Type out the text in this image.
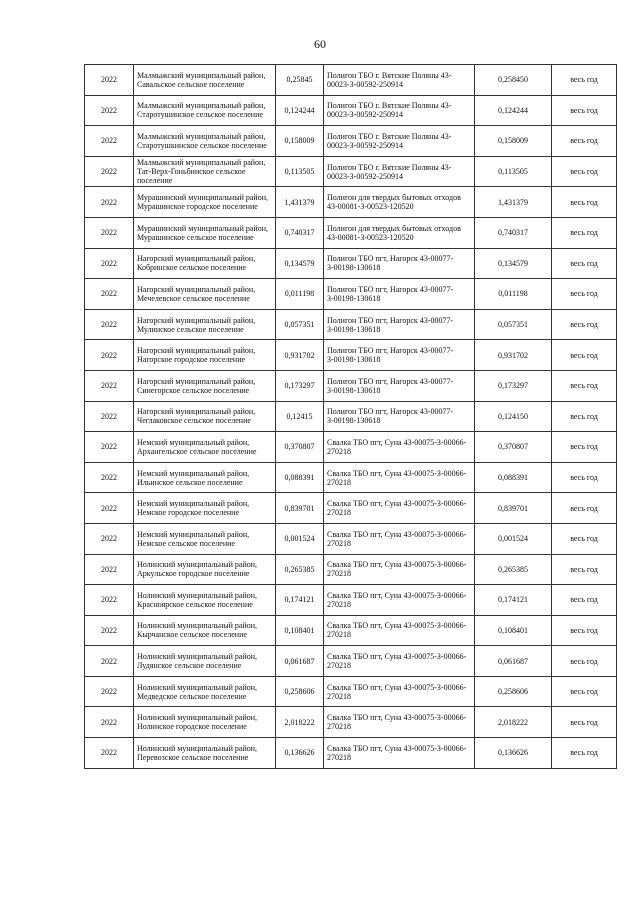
60
2022	Малмыжский муниципальный район, Савальское сельское поселение	0,25845	Полигон ТБО г. Вятские Поляны 43-00023-З-00592-250914	0,258450	весь год
2022	Малмыжский муниципальный район, Старотушинское сельское поселение	0,124244	Полигон ТБО г. Вятские Поляны 43-00023-З-00592-250914	0,124244	весь год
2022	Малмыжский муниципальный район, Старотушкинское сельское поселение	0,158009	Полигон ТБО г. Вятские Поляны 43-00023-З-00592-250914	0,158009	весь год
2022	Малмыжский муниципальный район, Тат-Верх-Гоньбинское сельское поселение	0,113505	Полигон ТБО г. Вятские Поляны 43-00023-З-00592-250914	0,113505	весь год
2022	Мурашинский муниципальный район, Мурашинское городское поселение	1,431379	Полигон для твердых бытовых отходов 43-00081-З-00523-120520	1,431379	весь год
2022	Мурашинский муниципальный район, Мурашинское сельское поселение	0,740317	Полигон для твердых бытовых отходов 43-00081-З-00523-120520	0,740317	весь год
2022	Нагорский муниципальный район, Кобринское сельское поселение	0,134579	Полигон ТБО пгт, Нагорск 43-00077-З-00198-130618	0,134579	весь год
2022	Нагорский муниципальный район, Мечелевское сельское поселение	0,011198	Полигон ТБО пгт, Нагорск 43-00077-З-00198-130618	0,011198	весь год
2022	Нагорский муниципальный район, Мулинское сельское поселение	0,057351	Полигон ТБО пгт, Нагорск 43-00077-З-00198-130618	0,057351	весь год
2022	Нагорский муниципальный район, Нагорское городское поселение	0,931702	Полигон ТБО пгт, Нагорск 43-00077-З-00198-130618	0,931702	весь год
2022	Нагорский муниципальный район, Синегорское сельское поселение	0,173297	Полигон ТБО пгт, Нагорск 43-00077-З-00198-130618	0,173297	весь год
2022	Нагорский муниципальный район, Чеглаковское сельское поселение	0,12415	Полигон ТБО пгт, Нагорск 43-00077-З-00198-130618	0,124150	весь год
2022	Немский муниципальный район, Архангельское сельское поселение	0,370807	Свалка ТБО пгт, Суна 43-00075-З-00066-270218	0,370807	весь год
2022	Немский муниципальный район, Ильинское сельское поселение	0,088391	Свалка ТБО пгт, Суна 43-00075-З-00066-270218	0,088391	весь год
2022	Немский муниципальный район, Немское городское поселение	0,839701	Свалка ТБО пгт, Суна 43-00075-З-00066-270218	0,839701	весь год
2022	Немский муниципальный район, Немское сельское поселение	0,001524	Свалка ТБО пгт, Суна 43-00075-З-00066-270218	0,001524	весь год
2022	Нолинский муниципальный район, Аркульское городское поселение	0,265385	Свалка ТБО пгт, Суна 43-00075-З-00066-270218	0,265385	весь год
2022	Нолинский муниципальный район, Красноярское сельское поселение	0,174121	Свалка ТБО пгт, Суна 43-00075-З-00066-270218	0,174121	весь год
2022	Нолинский муниципальный район, Кырчанское сельское поселение	0,108401	Свалка ТБО пгт, Суна 43-00075-З-00066-270218	0,108401	весь год
2022	Нолинский муниципальный район, Лудянское сельское поселение	0,061687	Свалка ТБО пгт, Суна 43-00075-З-00066-270218	0,061687	весь год
2022	Нолинский муниципальный район, Медведское сельское поселение	0,258606	Свалка ТБО пгт, Суна 43-00075-З-00066-270218	0,258606	весь год
2022	Нолинский муниципальный район, Нолинское городское поселение	2,018222	Свалка ТБО пгт, Суна 43-00075-З-00066-270218	2,018222	весь год
2022	Нолинский муниципальный район, Перевозское сельское поселение	0,136626	Свалка ТБО пгт, Суна 43-00075-З-00066-270218	0,136626	весь год
